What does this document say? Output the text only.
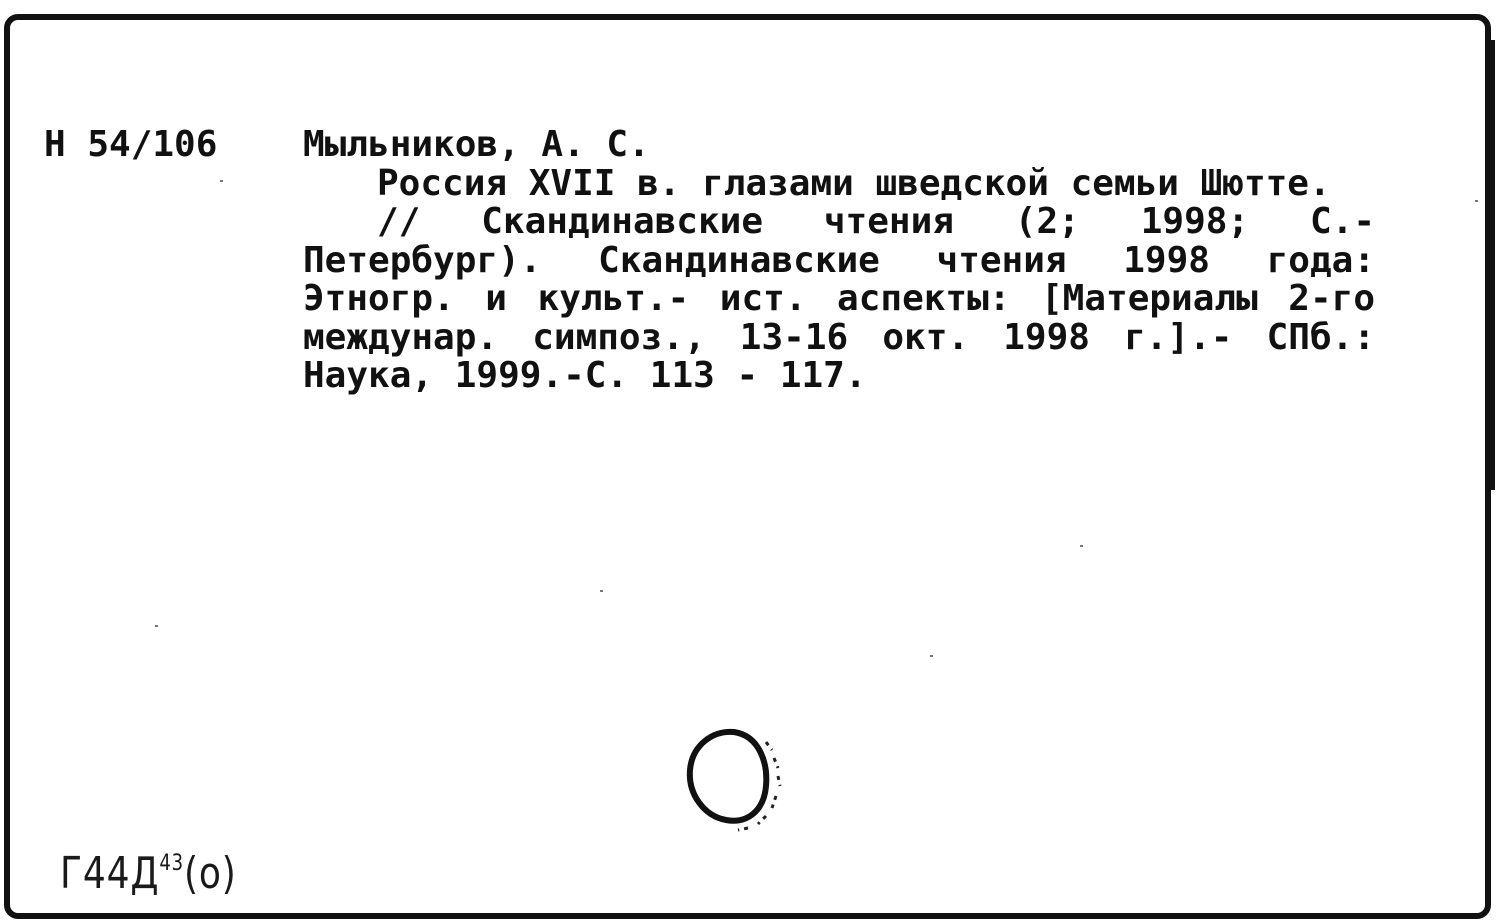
Н 54/106 Мыльников, А. С.
Россия XVII в. глазами шведской семьи Шютте.
// Скандинавские чтения (2; 1998; С.-Петербург). Скандинавские чтения 1998 года: Этногр. и культ.- ист. аспекты: [Материалы 2-го междунар. симпоз., 13-16 окт. 1998 г.].- СПб.: Наука, 1999.-С. 113 - 117.
$Г44Д^{43}(о)$
